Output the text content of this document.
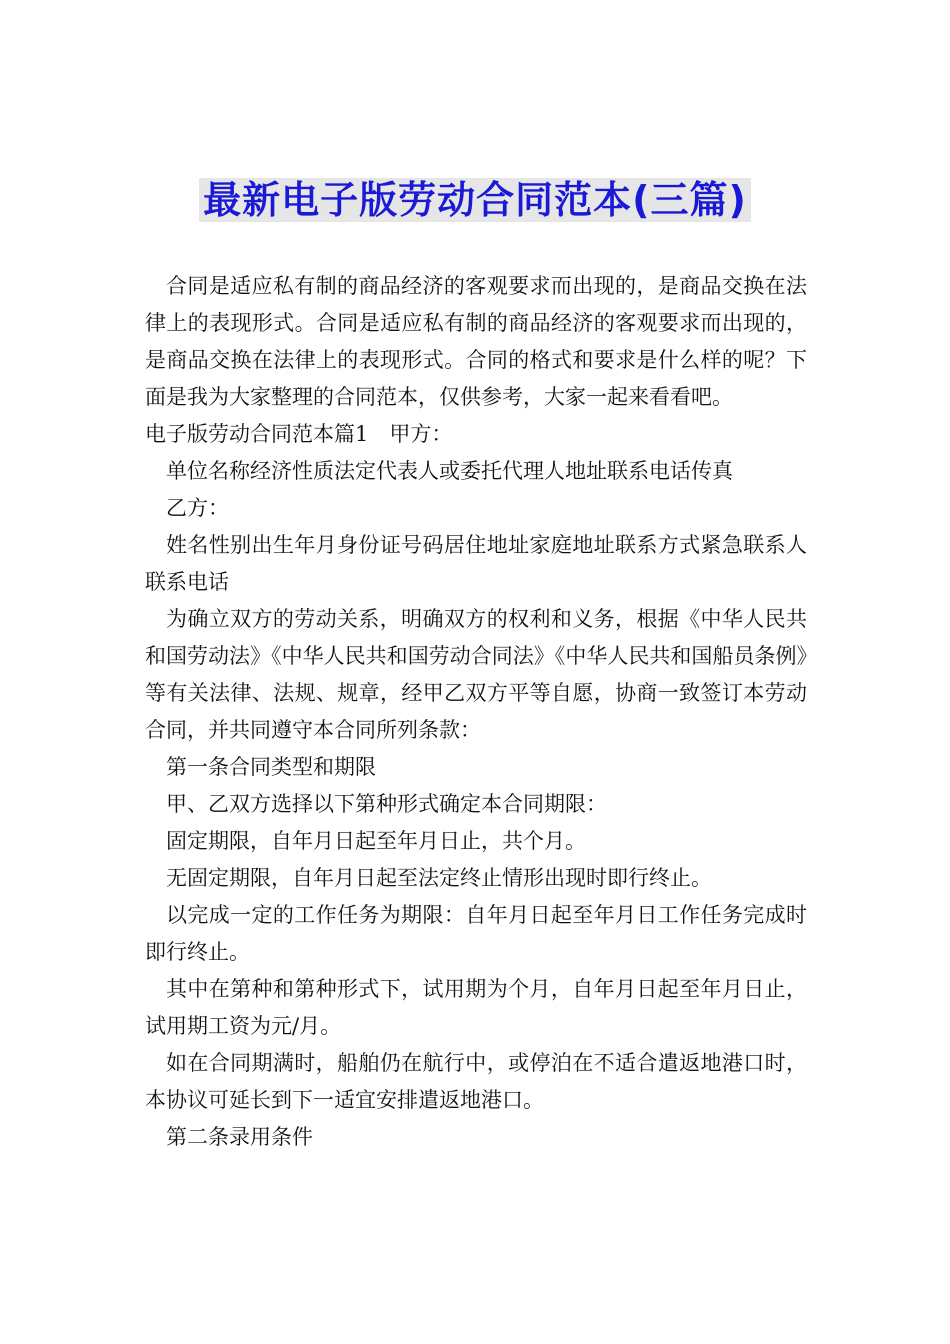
最新电子版劳动合同范本(三篇)

合同是适应私有制的商品经济的客观要求而出现的，是商品交换在法律上的表现形式。合同是适应私有制的商品经济的客观要求而出现的，是商品交换在法律上的表现形式。合同的格式和要求是什么样的呢？下面是我为大家整理的合同范本，仅供参考，大家一起来看看吧。

电子版劳动合同范本篇1　甲方：

单位名称经济性质法定代表人或委托代理人地址联系电话传真

乙方：

姓名性别出生年月身份证号码居住地址家庭地址联系方式紧急联系人联系电话

为确立双方的劳动关系，明确双方的权利和义务，根据《中华人民共和国劳动法》《中华人民共和国劳动合同法》《中华人民共和国船员条例》等有关法律、法规、规章，经甲乙双方平等自愿，协商一致签订本劳动合同，并共同遵守本合同所列条款：

第一条合同类型和期限

甲、乙双方选择以下第种形式确定本合同期限：

固定期限，自年月日起至年月日止，共个月。

无固定期限，自年月日起至法定终止情形出现时即行终止。

以完成一定的工作任务为期限：自年月日起至年月日工作任务完成时即行终止。

其中在第种和第种形式下，试用期为个月，自年月日起至年月日止，试用期工资为元/月。

如在合同期满时，船舶仍在航行中，或停泊在不适合遣返地港口时，本协议可延长到下一适宜安排遣返地港口。

第二条录用条件
